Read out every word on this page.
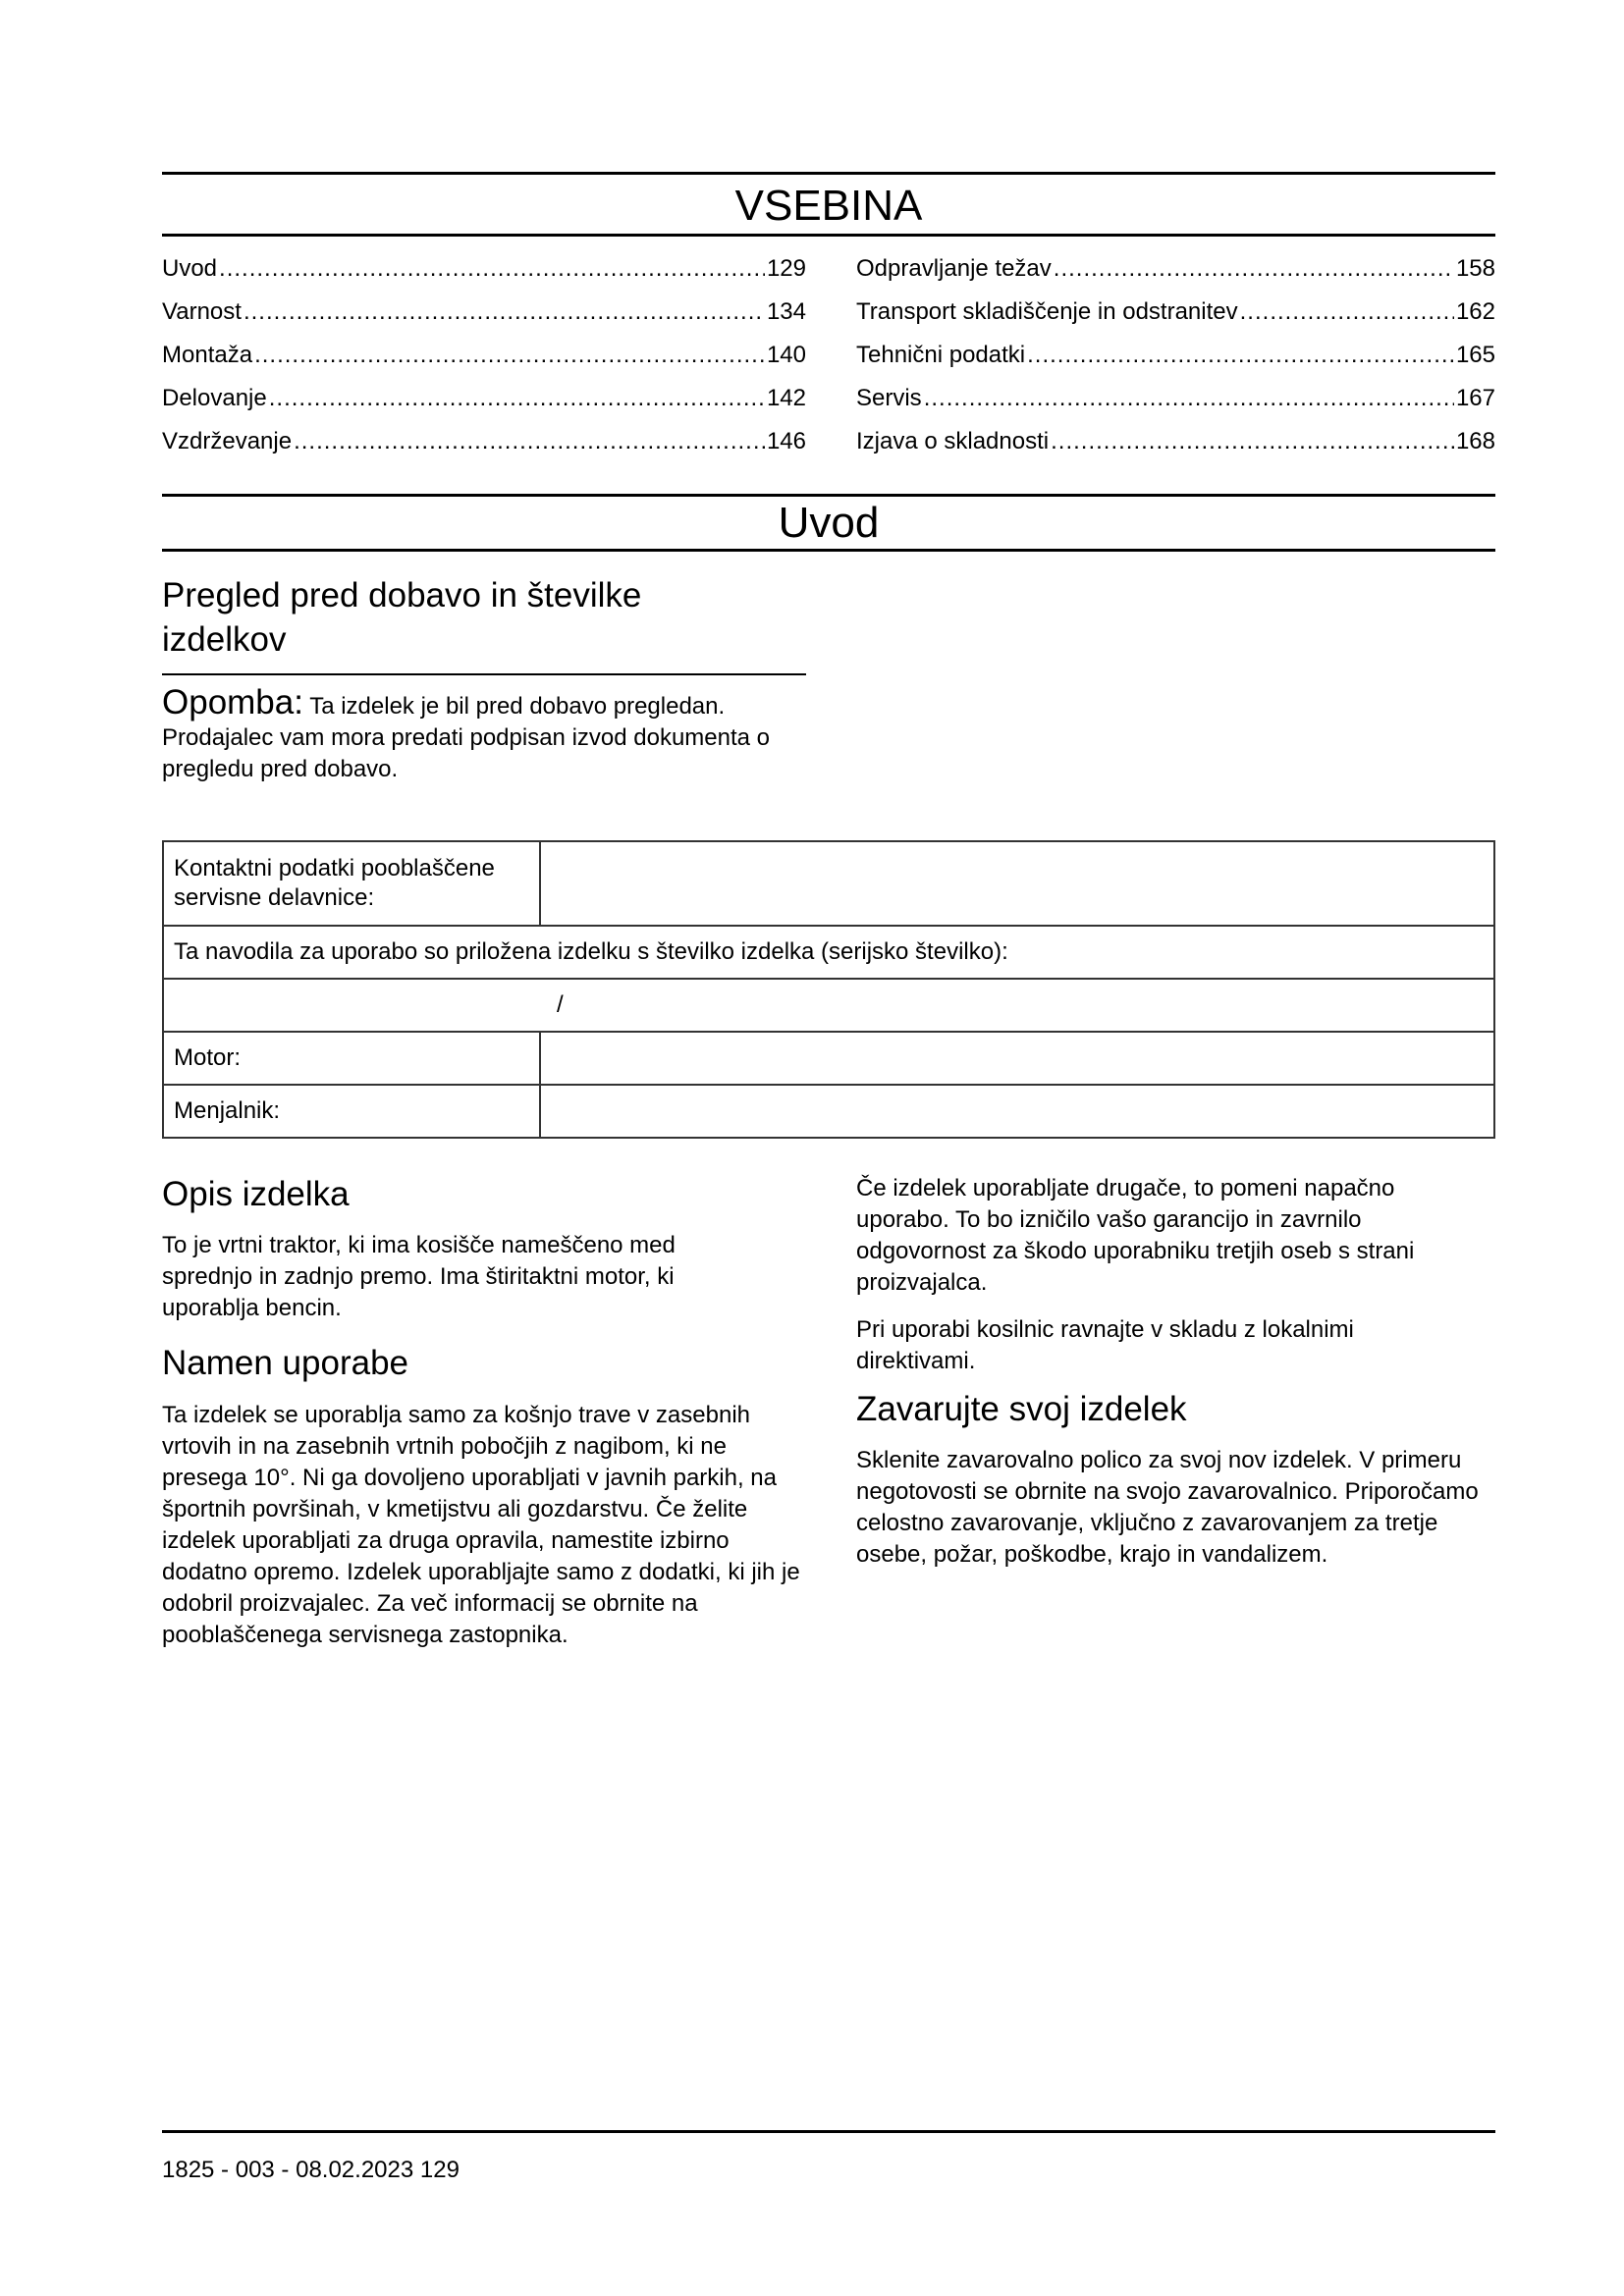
VSEBINA
Uvod .....	129
Varnost .....	134
Montaža .....	140
Delovanje .....	142
Vzdrževanje .....	146
Odpravljanje težav .....	158
Transport skladiščenje in odstranitev .....	162
Tehnični podatki .....	165
Servis .....	167
Izjava o skladnosti .....	168
Uvod
Pregled pred dobavo in številke izdelkov

Opomba: Ta izdelek je bil pred dobavo pregledan. Prodajalec vam mora predati podpisan izvod dokumenta o pregledu pred dobavo.

Kontaktni podatki pooblaščene servisne delavnice:	
Ta navodila za uporabo so priložena izdelku s številko izdelka (serijsko številko):	
/	
Motor:	
Menjalnik:	
Opis izdelka

To je vrtni traktor, ki ima kosišče nameščeno med sprednjo in zadnjo premo. Ima štiritaktni motor, ki uporablja bencin.

Namen uporabe

Ta izdelek se uporablja samo za košnjo trave v zasebnih vrtovih in na zasebnih vrtnih pobočjih z nagibom, ki ne presega 10°. Ni ga dovoljeno uporabljati v javnih parkih, na športnih površinah, v kmetijstvu ali gozdarstvu. Če želite izdelek uporabljati za druga opravila, namestite izbirno dodatno opremo. Izdelek uporabljajte samo z dodatki, ki jih je odobril proizvajalec. Za več informacij se obrnite na pooblaščenega servisnega zastopnika.

Če izdelek uporabljate drugače, to pomeni napačno uporabo. To bo izničilo vašo garancijo in zavrnilo odgovornost za škodo uporabniku tretjih oseb s strani proizvajalca.

Pri uporabi kosilnic ravnajte v skladu z lokalnimi direktivami.

Zavarujte svoj izdelek

Sklenite zavarovalno polico za svoj nov izdelek. V primeru negotovosti se obrnite na svojo zavarovalnico. Priporočamo celostno zavarovanje, vključno z zavarovanjem za tretje osebe, požar, poškodbe, krajo in vandalizem.

1825 - 003 - 08.02.2023 129
